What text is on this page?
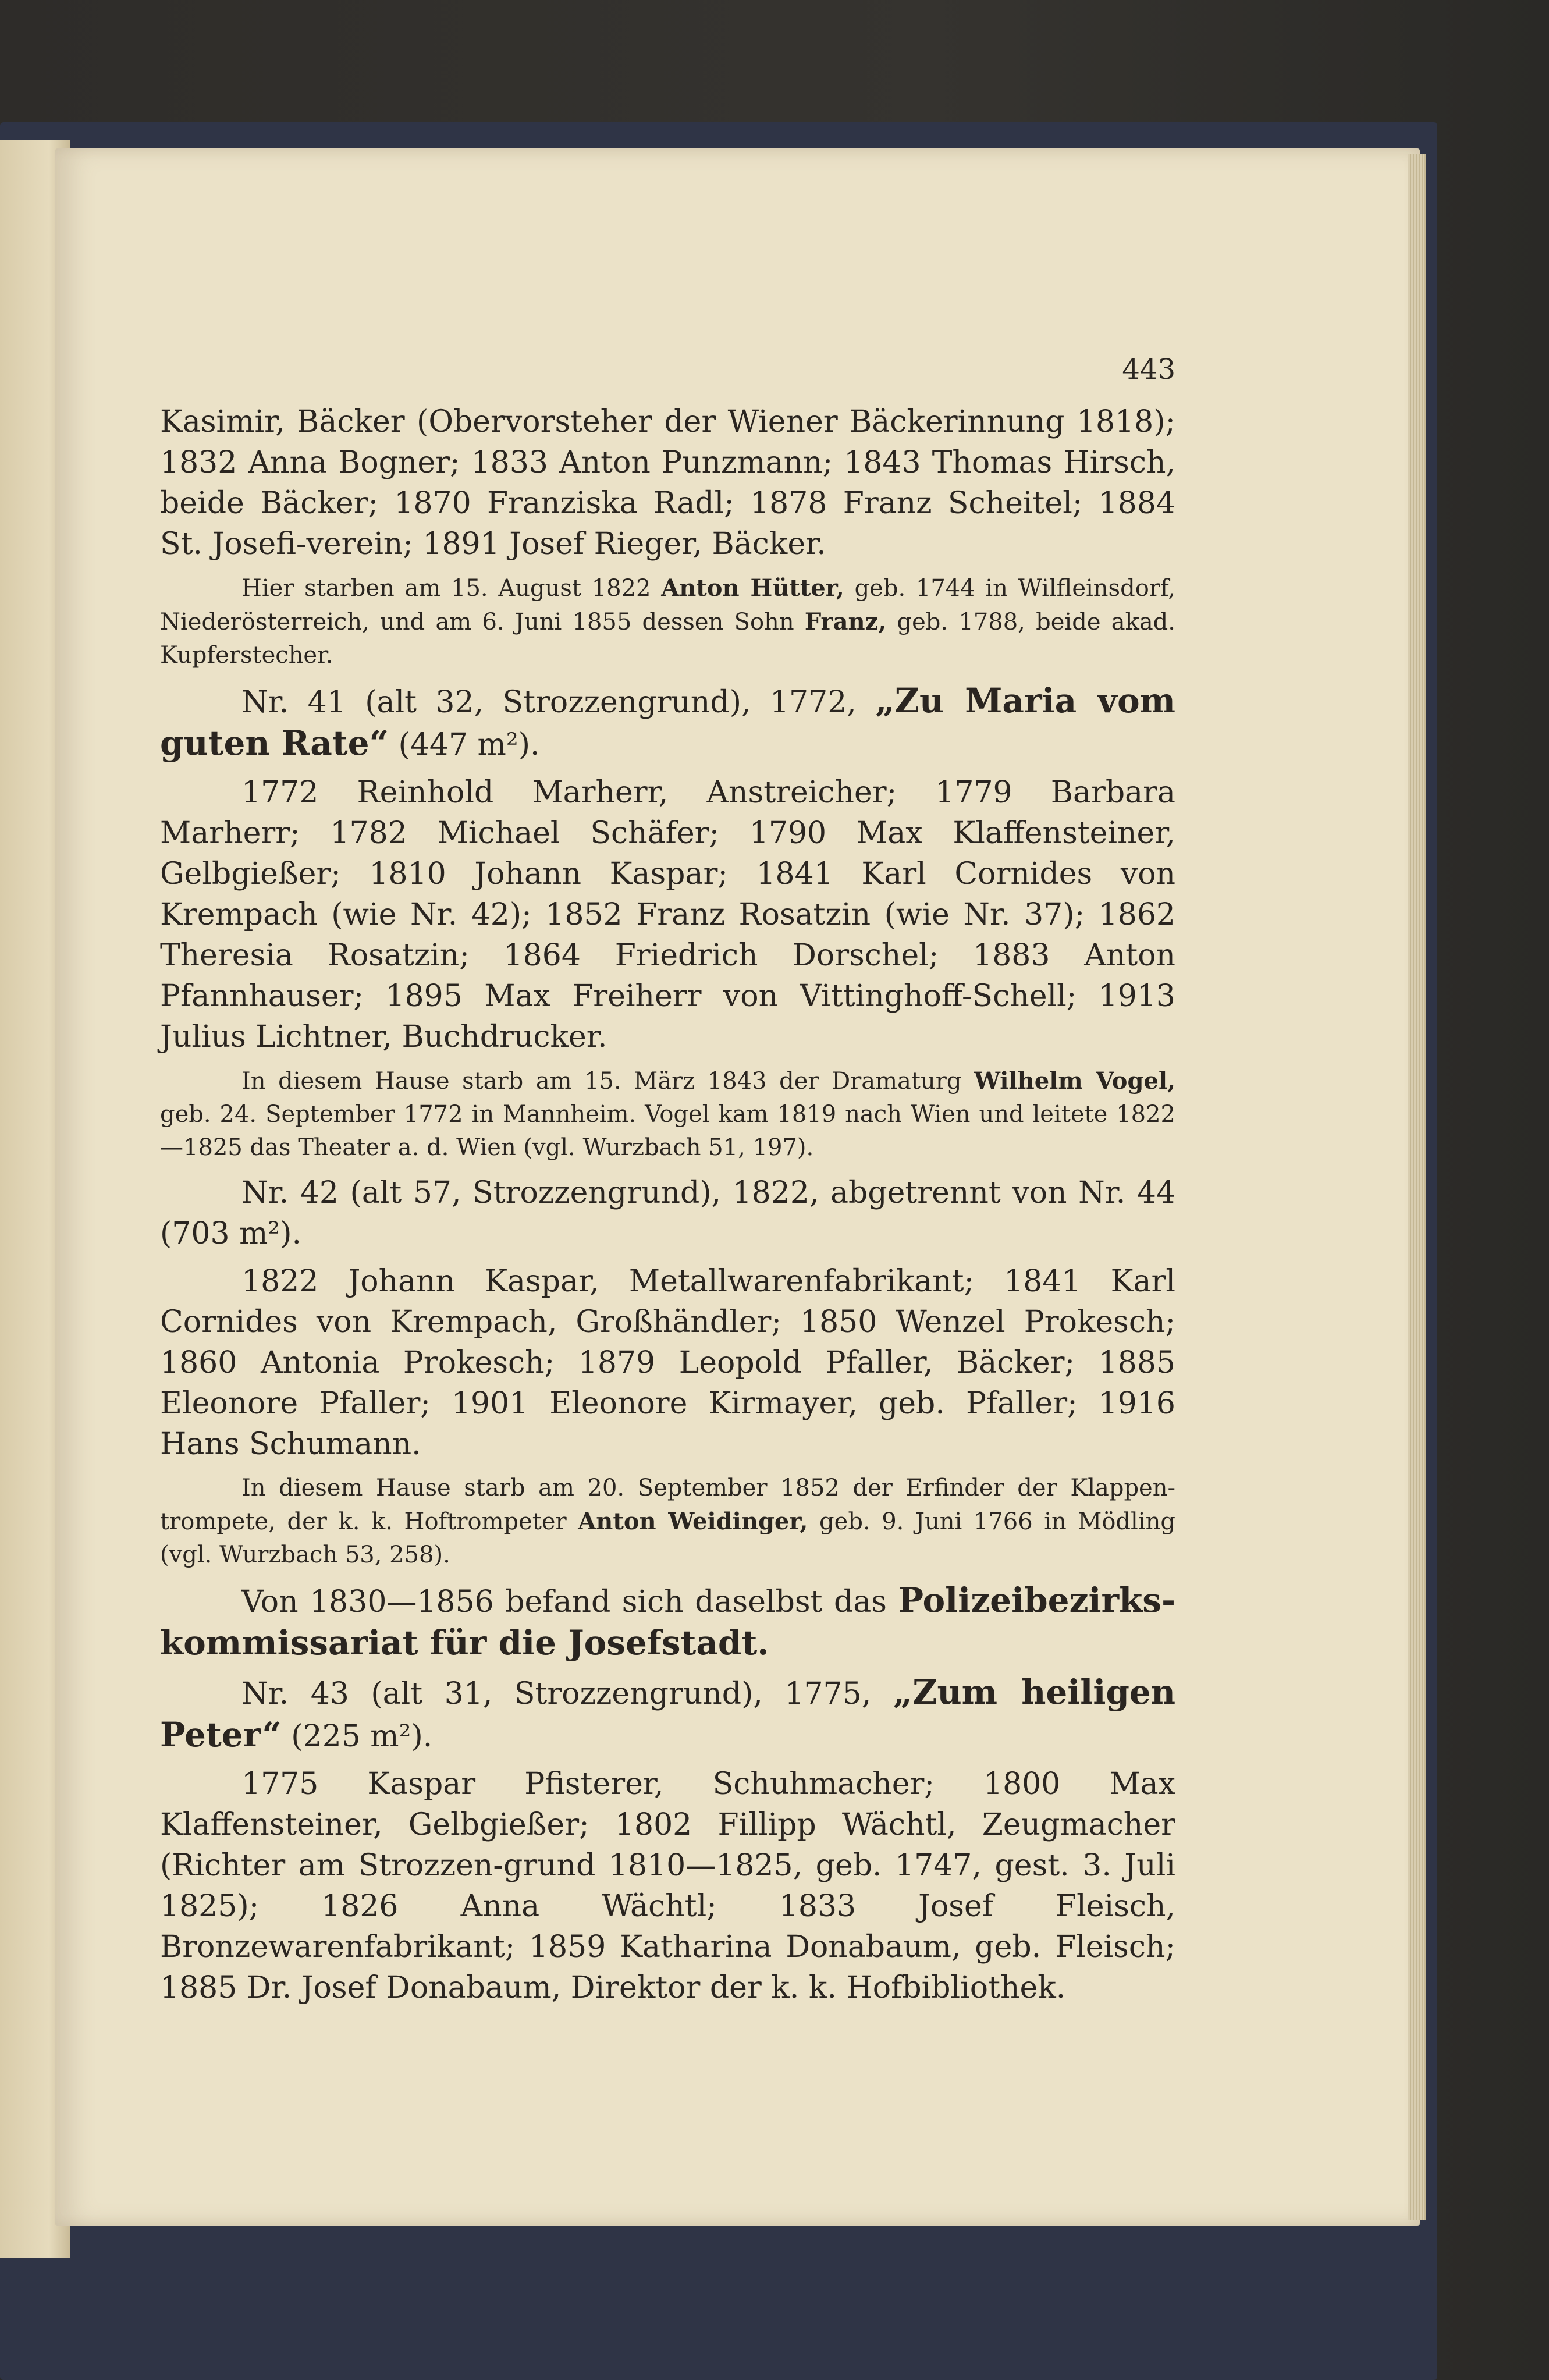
443

Kasimir, Bäcker (Obervorsteher der Wiener Bäckerinnung 1818); 1832 Anna Bogner; 1833 Anton Punzmann; 1843 Thomas Hirsch, beide Bäcker; 1870 Franziska Radl; 1878 Franz Scheitel; 1884 St. Josefi-verein; 1891 Josef Rieger, Bäcker.

Hier starben am 15. August 1822 Anton Hütter, geb. 1744 in Wilfleinsdorf, Niederösterreich, und am 6. Juni 1855 dessen Sohn Franz, geb. 1788, beide akad. Kupferstecher.

Nr. 41 (alt 32, Strozzengrund), 1772, „Zu Maria vom guten Rate“ (447 m²).

1772 Reinhold Marherr, Anstreicher; 1779 Barbara Marherr; 1782 Michael Schäfer; 1790 Max Klaffensteiner, Gelbgießer; 1810 Johann Kaspar; 1841 Karl Cornides von Krempach (wie Nr. 42); 1852 Franz Rosatzin (wie Nr. 37); 1862 Theresia Rosatzin; 1864 Friedrich Dorschel; 1883 Anton Pfannhauser; 1895 Max Freiherr von Vittinghoff-Schell; 1913 Julius Lichtner, Buchdrucker.

In diesem Hause starb am 15. März 1843 der Dramaturg Wilhelm Vogel, geb. 24. September 1772 in Mannheim. Vogel kam 1819 nach Wien und leitete 1822—1825 das Theater a. d. Wien (vgl. Wurzbach 51, 197).

Nr. 42 (alt 57, Strozzengrund), 1822, abgetrennt von Nr. 44 (703 m²).

1822 Johann Kaspar, Metallwarenfabrikant; 1841 Karl Cornides von Krempach, Großhändler; 1850 Wenzel Prokesch; 1860 Antonia Prokesch; 1879 Leopold Pfaller, Bäcker; 1885 Eleonore Pfaller; 1901 Eleonore Kirmayer, geb. Pfaller; 1916 Hans Schumann.

In diesem Hause starb am 20. September 1852 der Erfinder der Klappen-trompete, der k. k. Hoftrompeter Anton Weidinger, geb. 9. Juni 1766 in Mödling (vgl. Wurzbach 53, 258).

Von 1830—1856 befand sich daselbst das Polizeibezirks-kommissariat für die Josefstadt.

Nr. 43 (alt 31, Strozzengrund), 1775, „Zum heiligen Peter“ (225 m²).

1775 Kaspar Pfisterer, Schuhmacher; 1800 Max Klaffensteiner, Gelbgießer; 1802 Fillipp Wächtl, Zeugmacher (Richter am Strozzen-grund 1810—1825, geb. 1747, gest. 3. Juli 1825); 1826 Anna Wächtl; 1833 Josef Fleisch, Bronzewarenfabrikant; 1859 Katharina Donabaum, geb. Fleisch; 1885 Dr. Josef Donabaum, Direktor der k. k. Hofbibliothek.
